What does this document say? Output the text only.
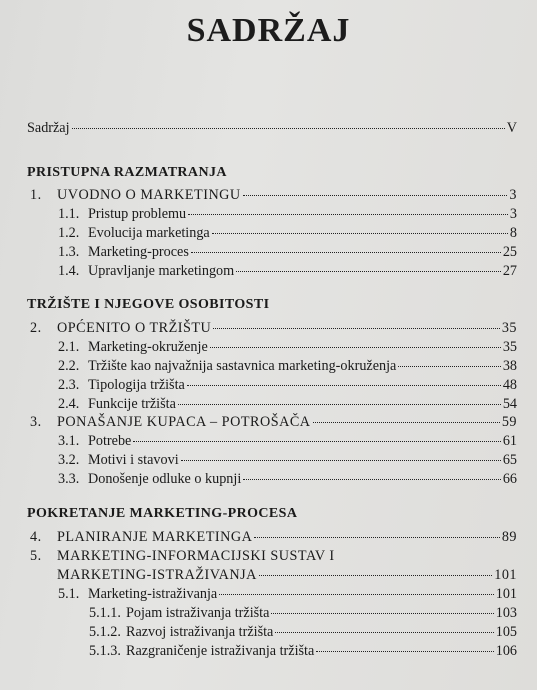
SADRŽAJ
Sadržaj	V
PRISTUPNA RAZMATRANJA
1. UVODNO O MARKETINGU	3
1.1. Pristup problemu	3
1.2. Evolucija marketinga	8
1.3. Marketing-proces	25
1.4. Upravljanje marketingom	27
TRŽIŠTE I NJEGOVE OSOBITOSTI
2. OPĆENITO O TRŽIŠTU	35
2.1. Marketing-okruženje	35
2.2. Tržište kao najvažnija sastavnica marketing-okruženja	38
2.3. Tipologija tržišta	48
2.4. Funkcije tržišta	54
3. PONAŠANJE KUPACA – POTROŠAČA	59
3.1. Potrebe	61
3.2. Motivi i stavovi	65
3.3. Donošenje odluke o kupnji	66
POKRETANJE MARKETING-PROCESA
4. PLANIRANJE MARKETINGA	89
5. MARKETING-INFORMACIJSKI SUSTAV I
MARKETING-ISTRAŽIVANJA	101
5.1. Marketing-istraživanja	101
5.1.1. Pojam istraživanja tržišta	103
5.1.2. Razvoj istraživanja tržišta	105
5.1.3. Razgraničenje istraživanja tržišta	106
